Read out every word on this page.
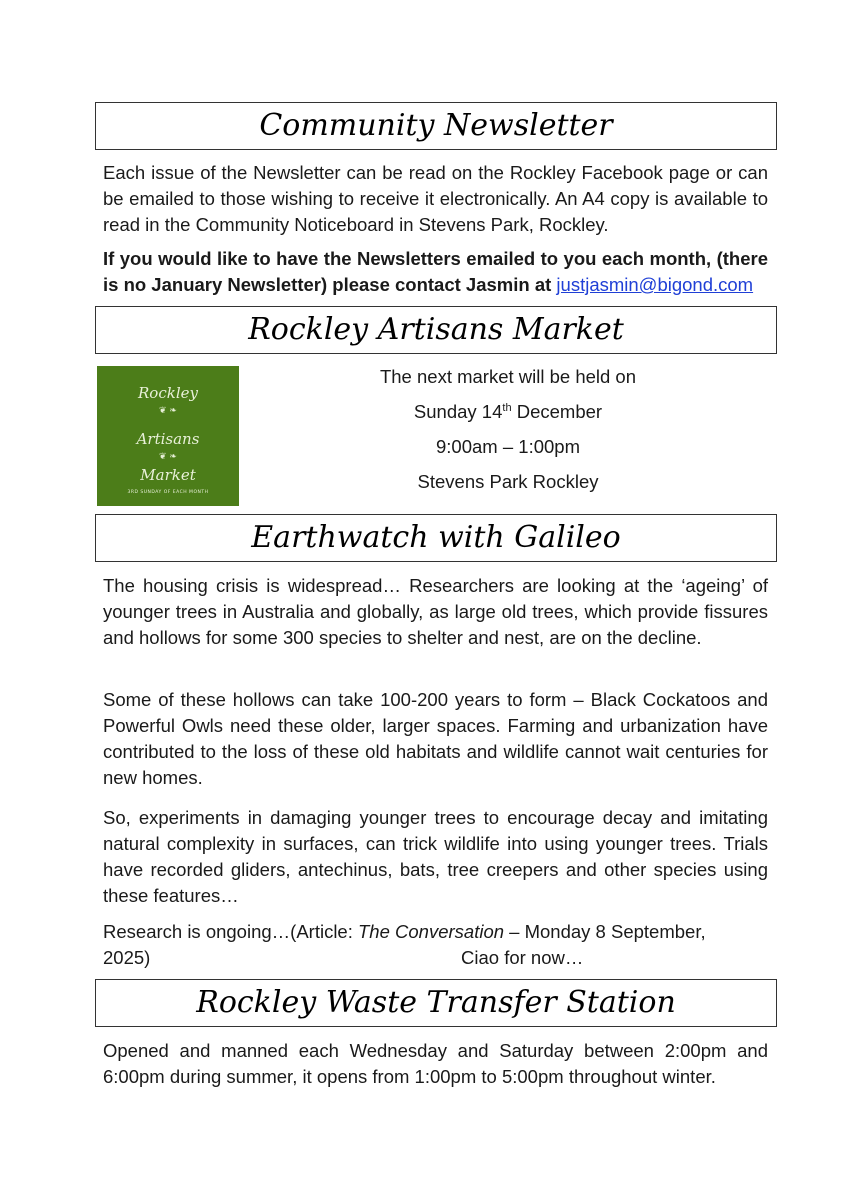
Community Newsletter

Each issue of the Newsletter can be read on the Rockley Facebook page or can be emailed to those wishing to receive it electronically. An A4 copy is available to read in the Community Noticeboard in Stevens Park, Rockley.

If you would like to have the Newsletters emailed to you each month, (there is no January Newsletter) please contact Jasmin at justjasmin@bigond.com

Rockley Artisans Market
Rockley
❦ ❧
Artisans
❦ ❧
Market
3RD SUNDAY OF EACH MONTH

The next market will be held on

Sunday 14th December

9:00am – 1:00pm

Stevens Park Rockley

Earthwatch with Galileo

The housing crisis is widespread… Researchers are looking at the ‘ageing’ of younger trees in Australia and globally, as large old trees, which provide fissures and hollows for some 300 species to shelter and nest, are on the decline.

Some of these hollows can take 100-200 years to form – Black Cockatoos and Powerful Owls need these older, larger spaces. Farming and urbanization have contributed to the loss of these old habitats and wildlife cannot wait centuries for new homes.

So, experiments in damaging younger trees to encourage decay and imitating natural complexity in surfaces, can trick wildlife into using younger trees. Trials have recorded gliders, antechinus, bats, tree creepers and other species using these features…

Research is ongoing…(Article: The Conversation – Monday 8 September,
2025)	Ciao for now…
Rockley Waste Transfer Station

Opened and manned each Wednesday and Saturday between 2:00pm and 6:00pm during summer, it opens from 1:00pm to 5:00pm throughout winter.
